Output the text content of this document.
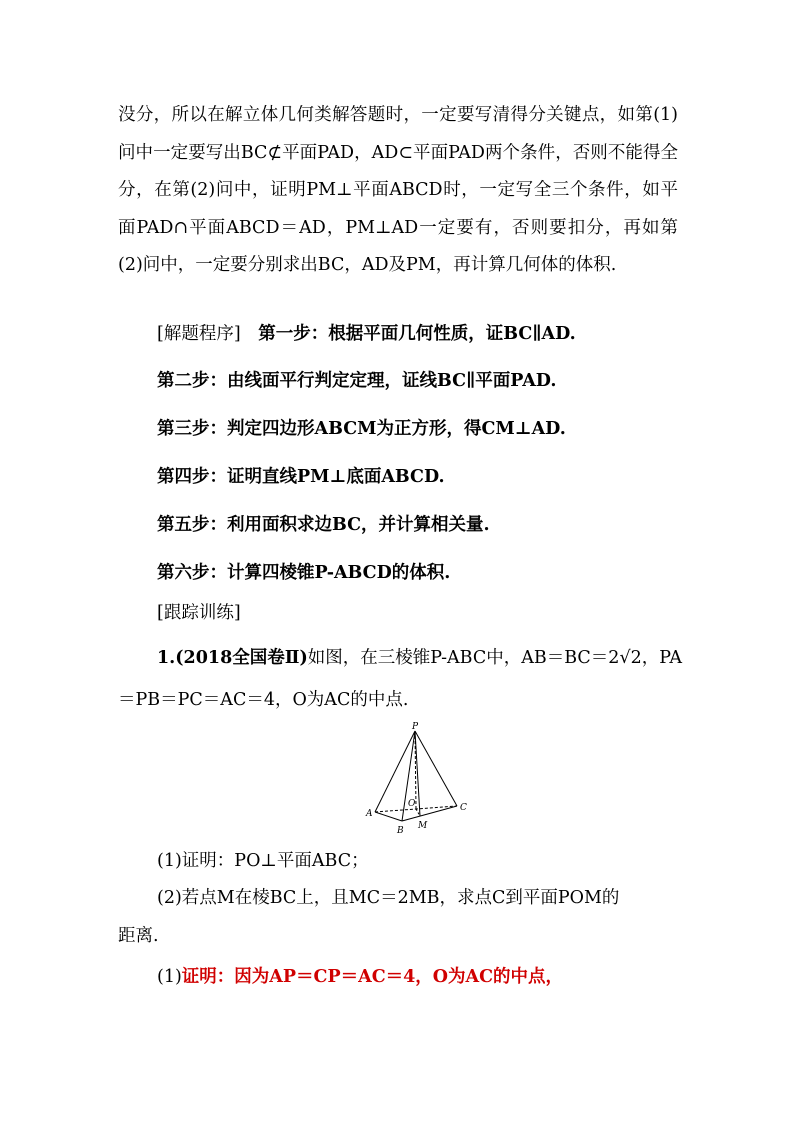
没分，所以在解立体几何类解答题时，一定要写清得分关键点，如第(1)问中一定要写出BC⊄平面PAD，AD⊂平面PAD两个条件，否则不能得全分，在第(2)问中，证明PM⊥平面ABCD时，一定写全三个条件，如平面PAD∩平面ABCD＝AD，PM⊥AD一定要有，否则要扣分，再如第(2)问中，一定要分别求出BC，AD及PM，再计算几何体的体积.
[解题程序] 第一步：根据平面几何性质，证BC∥AD.
第二步：由线面平行判定定理，证线BC∥平面PAD.
第三步：判定四边形ABCM为正方形，得CM⊥AD.
第四步：证明直线PM⊥底面ABCD.
第五步：利用面积求边BC，并计算相关量.
第六步：计算四棱锥P-ABCD的体积.
[跟踪训练]
1.(2018全国卷Ⅱ)如图，在三棱锥P-ABC中，AB＝BC＝2√2，PA
＝PB＝PC＝AC＝4，O为AC的中点.
P
A
B
C
O
M
(1)证明：PO⊥平面ABC；
(2)若点M在棱BC上，且MC＝2MB，求点C到平面POM的
距离.
(1)证明：因为AP＝CP＝AC＝4，O为AC的中点，
